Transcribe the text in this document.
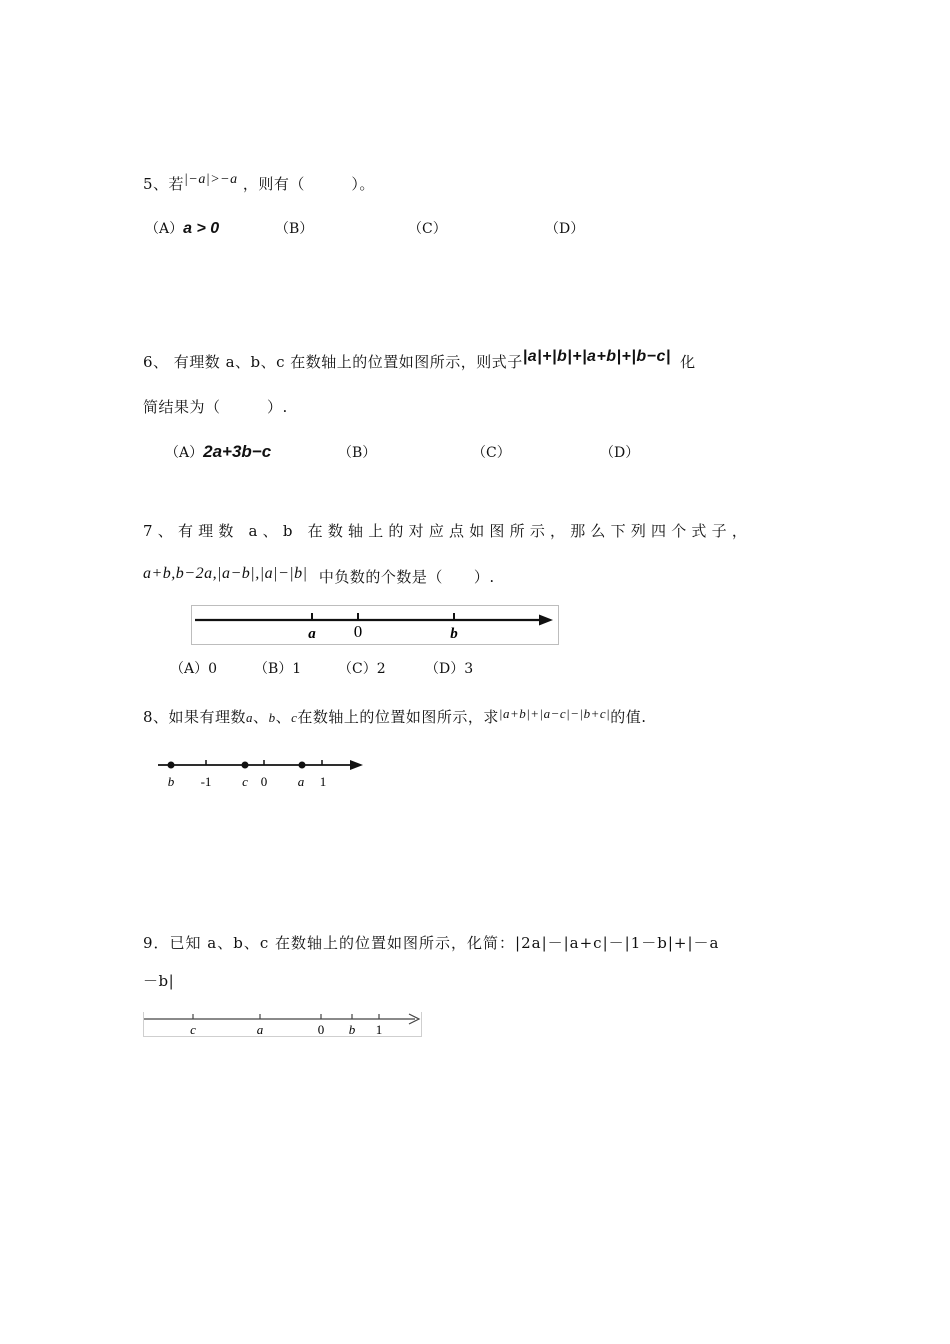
5、若|−a|>−a ，则有（　　　）。
（A）a > 0	（B）	（C）	（D）
6、 有理数 a、b、c 在数轴上的位置如图所示，则式子|a|+|b|+|a+b|+|b−c| 化
简结果为（　　　）.
（A）2a+3b−c	（B）	（C）	（D）
7、有理数 a、b 在数轴上的对应点如图所示，那么下列四个式子，
a+b,b−2a,|a−b|,|a|−|b| 中负数的个数是（　　）.
a 0	b
（A）0	（B）1	（C）2	（D）3
8、如果有理数a、b、c在数轴上的位置如图所示，求|a+b|+|a−c|−|b+c|的值.
b -1 c 0 a 1
9．已知 a、b、c 在数轴上的位置如图所示，化简：|2a|－|a+c|－|1－b|+|－a
－b|
c	a	0 b 1
